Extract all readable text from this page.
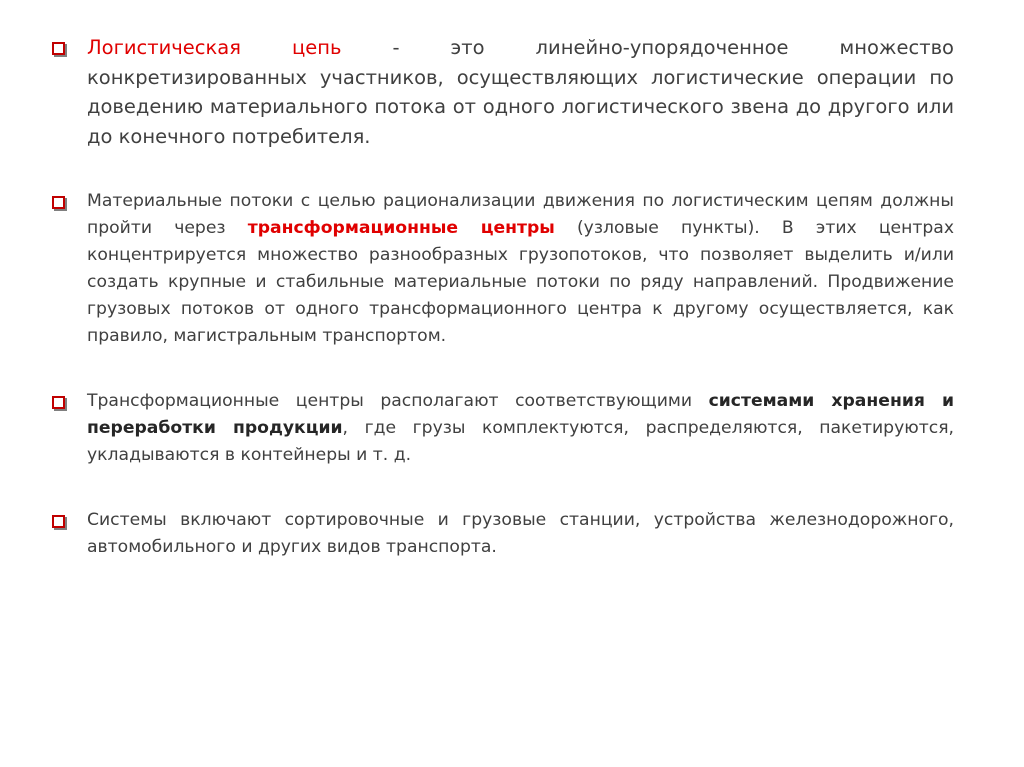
Логистическая цепь - это линейно-упорядоченное множество конкретизированных участников, осуществляющих логистические операции по доведению материального потока от одного логистического звена до другого или до конечного потребителя.
Материальные потоки с целью рационализации движения по логистическим цепям должны пройти через трансформационные центры (узловые пункты). В этих центрах концентрируется множество разнообразных грузопотоков, что позволяет выделить и/или создать крупные и стабильные материальные потоки по ряду направлений. Продвижение грузовых потоков от одного трансформационного центра к другому осуществляется, как правило, магистральным транспортом.
Трансформационные центры располагают соответствующими системами хранения и переработки продукции, где грузы комплектуются, распределяются, пакетируются, укладываются в контейнеры и т. д.
Системы включают сортировочные и грузовые станции, устройства железнодорожного, автомобильного и других видов транспорта.
